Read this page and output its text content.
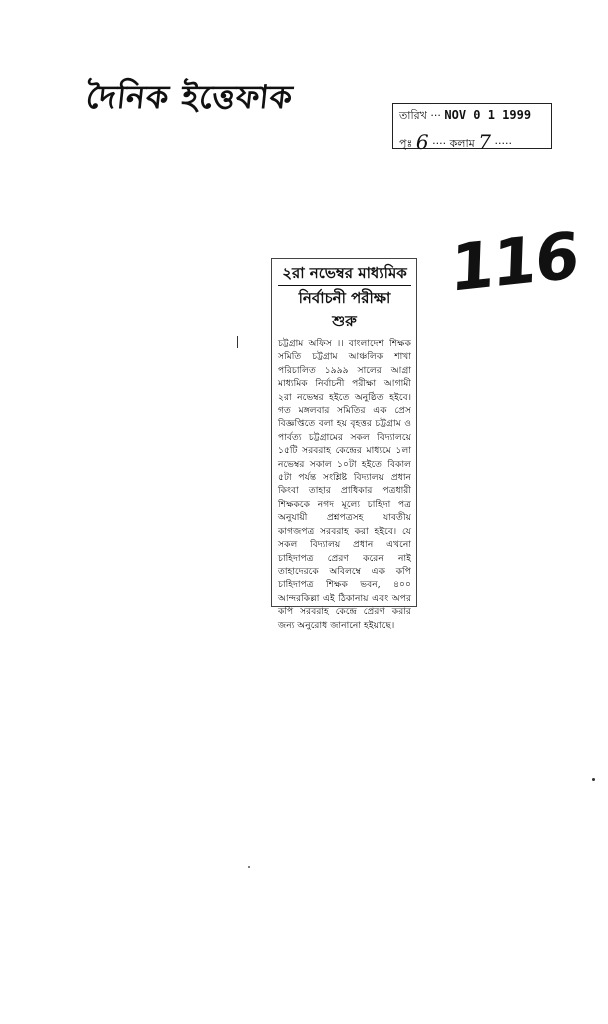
দৈনিক ইত্তেফাক	তারিখ ··· NOV 0 1 1999
পৃঃ 6 ···· কলাম 7 ·····
116
২রা নভেম্বর মাধ্যমিক
নির্বাচনী পরীক্ষা
শুরু

চট্টগ্রাম অফিস ।। বাংলাদেশ শিক্ষক সমিতি চট্টগ্রাম আঞ্চলিক শাখা পরিচালিত ১৯৯৯ সালের আগ্রা মাধ্যমিক নির্বাচনী পরীক্ষা আগামী ২রা নভেম্বর হইতে অনুষ্ঠিত হইবে। গত মঙ্গলবার সমিতির এক প্রেস বিজ্ঞপ্তিতে বলা হয় বৃহত্তর চট্টগ্রাম ও পার্বত্য চট্টগ্রামের সকল বিদ্যালয়ে ১৫টি সরবরাহ কেন্দ্রের মাধ্যমে ১লা নভেম্বর সকাল ১০টা হইতে বিকাল ৫টা পর্যন্ত সংশ্লিষ্ট বিদ্যালয় প্রধান কিংবা তাহার প্রাধিকার পত্রধারী শিক্ষককে নগদ মূল্যে চাহিদা পত্র অনুযায়ী প্রশ্নপত্রসহ যাবতীয় কাগজপত্র সরবরাহ করা হইবে। যে সকল বিদ্যালয় প্রধান এখনো চাহিদাপত্র প্রেরণ করেন নাই তাহাদেরকে অবিলম্বে এক কপি চাহিদাপত্র শিক্ষক ভবন, ৪০০ আন্দরকিল্লা এই ঠিকানায় এবং অপর কপি সরবরাহ কেন্দ্রে প্রেরণ করার জন্য অনুরোধ জানানো হইয়াছে।
